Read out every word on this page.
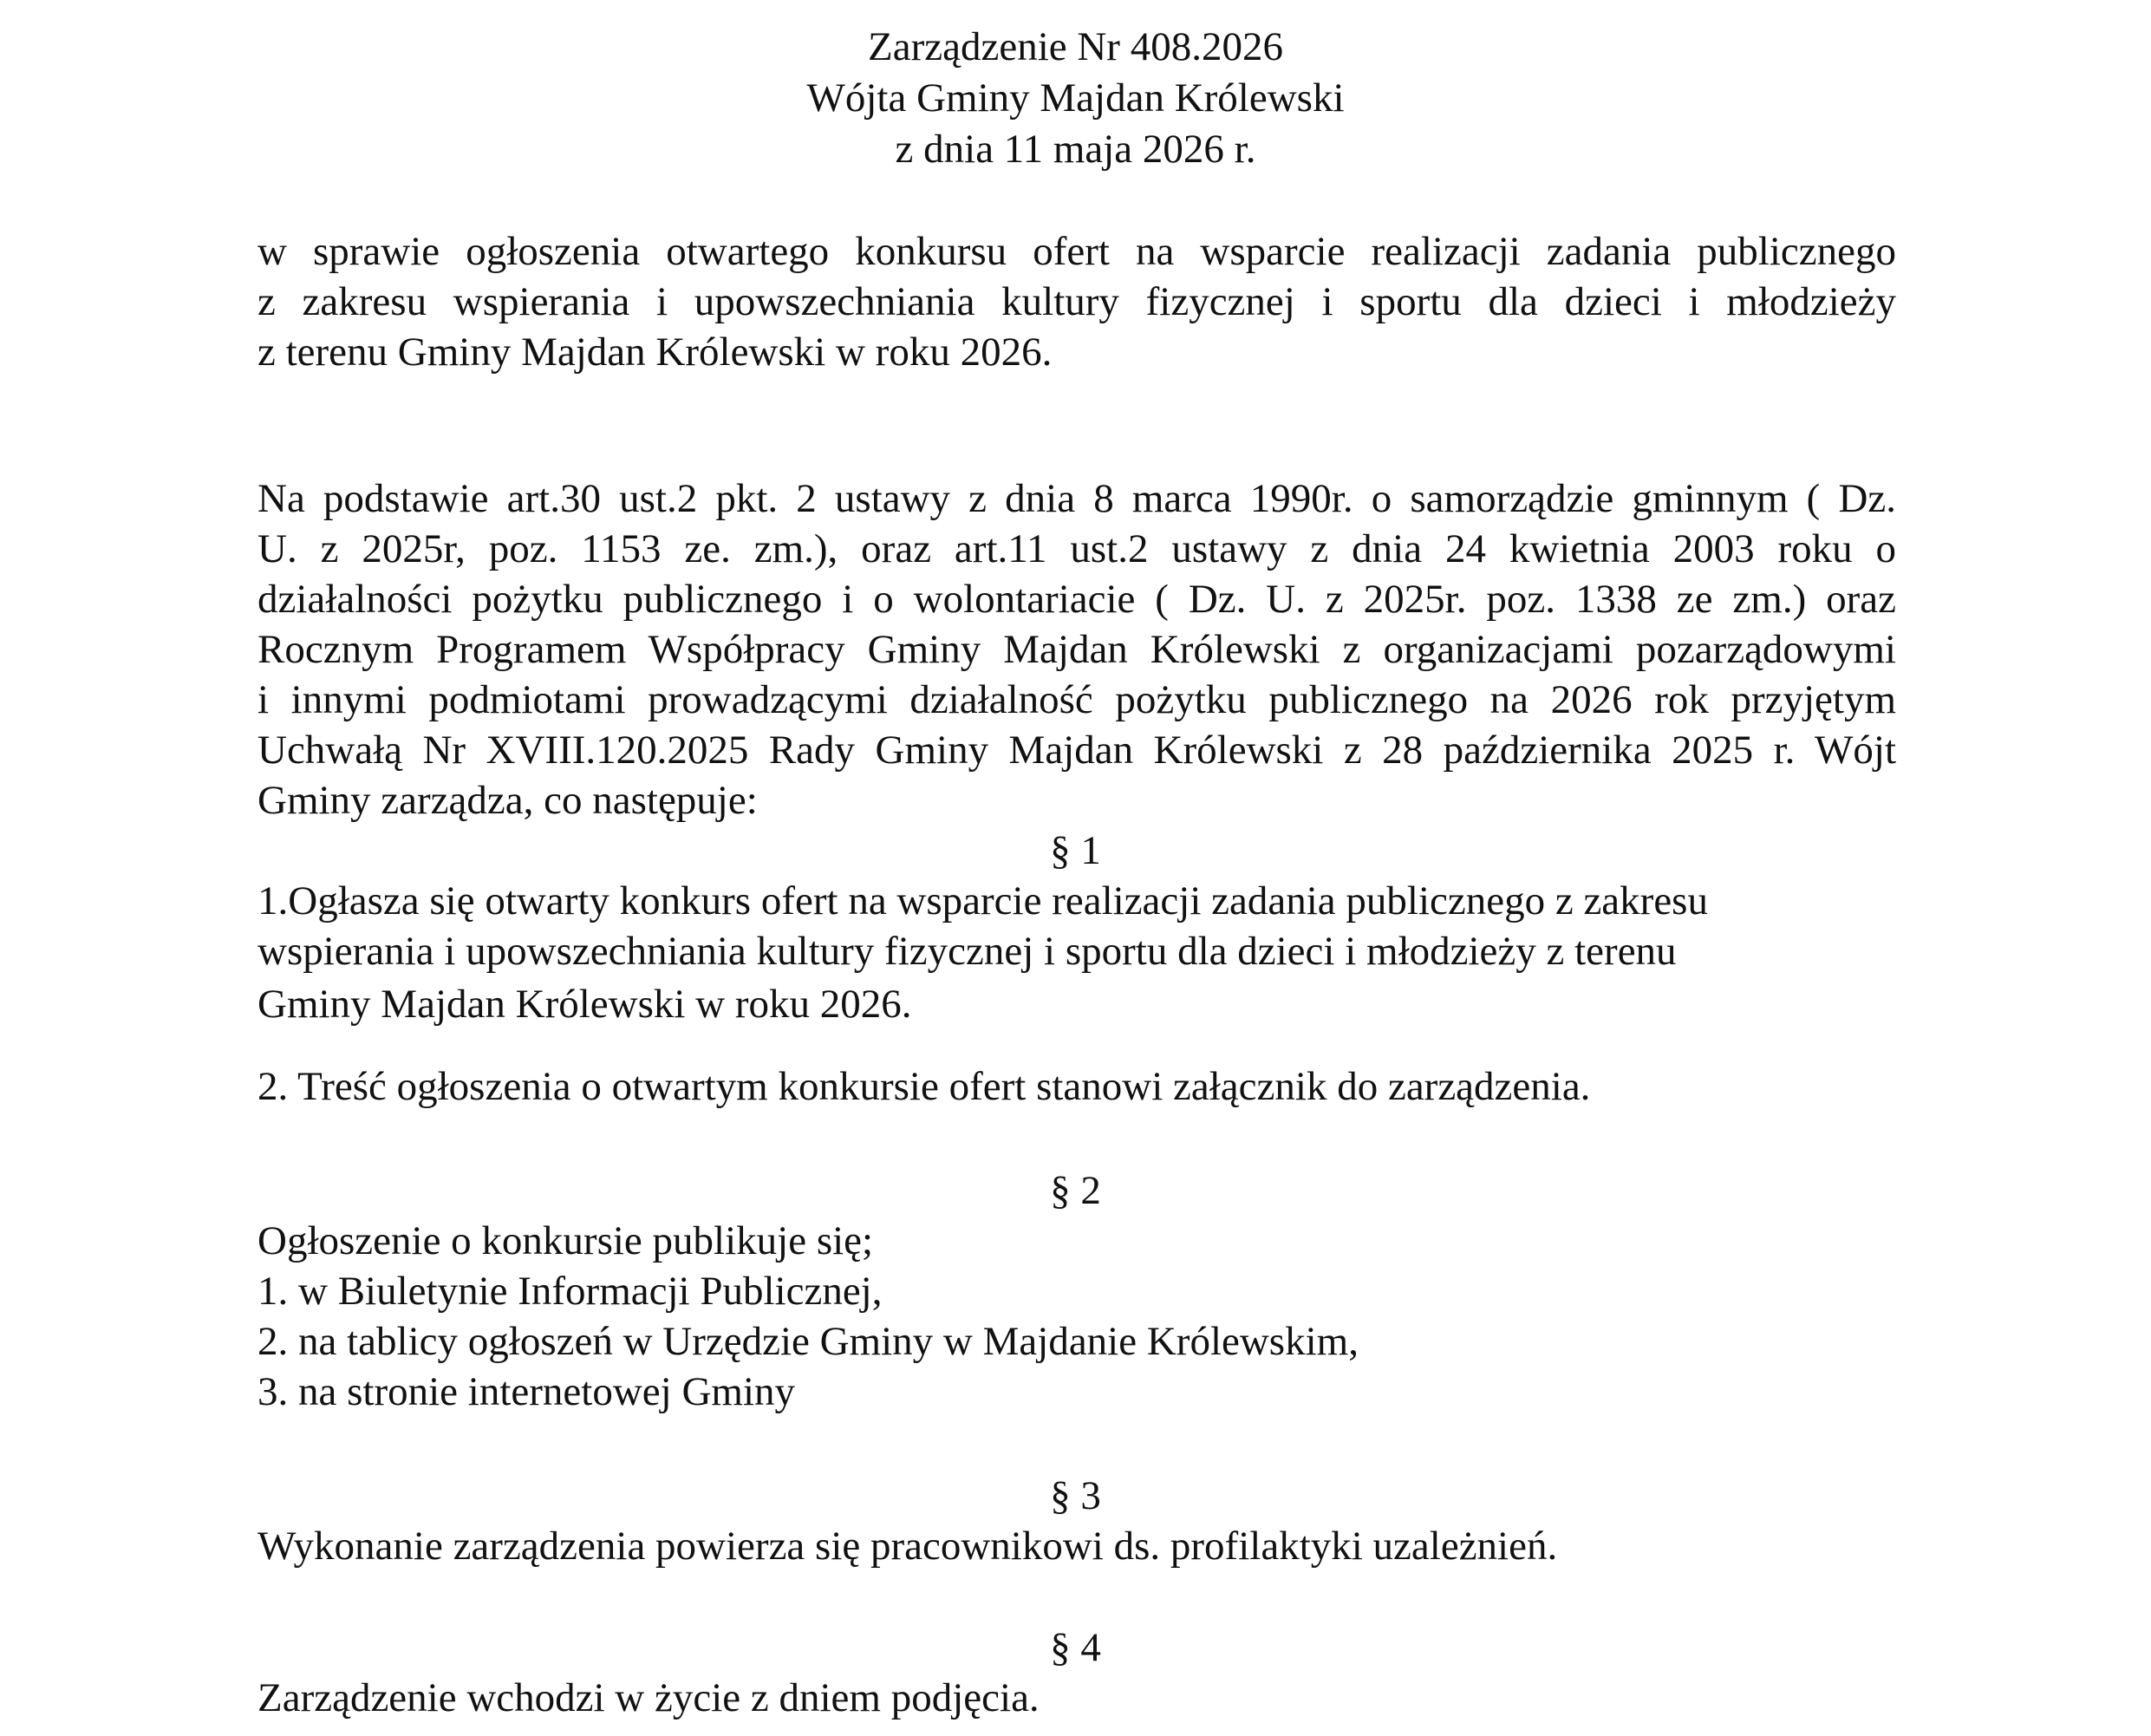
Zarządzenie Nr 408.2026
Wójta Gminy Majdan Królewski
z dnia 11 maja 2026 r.
w sprawie ogłoszenia otwartego konkursu ofert na wsparcie realizacji zadania publicznego
z zakresu wspierania i upowszechniania kultury fizycznej i sportu dla dzieci i młodzieży
z terenu Gminy Majdan Królewski w roku 2026.
Na podstawie art.30 ust.2 pkt. 2 ustawy z dnia 8 marca 1990r. o samorządzie gminnym ( Dz.
U. z 2025r, poz. 1153 ze. zm.), oraz art.11 ust.2 ustawy z dnia 24 kwietnia 2003 roku o
działalności pożytku publicznego i o wolontariacie ( Dz. U. z 2025r. poz. 1338 ze zm.) oraz
Rocznym Programem Współpracy Gminy Majdan Królewski z organizacjami pozarządowymi
i innymi podmiotami prowadzącymi działalność pożytku publicznego na 2026 rok przyjętym
Uchwałą Nr XVIII.120.2025 Rady Gminy Majdan Królewski z 28 października 2025 r. Wójt
Gminy zarządza, co następuje:
§ 1
1.Ogłasza się otwarty konkurs ofert na wsparcie realizacji zadania publicznego z zakresu
wspierania i upowszechniania kultury fizycznej i sportu dla dzieci i młodzieży z terenu
Gminy Majdan Królewski w roku 2026.
2. Treść ogłoszenia o otwartym konkursie ofert stanowi załącznik do zarządzenia.
§ 2
Ogłoszenie o konkursie publikuje się;
1. w Biuletynie Informacji Publicznej,
2. na tablicy ogłoszeń w Urzędzie Gminy w Majdanie Królewskim,
3. na stronie internetowej Gminy
§ 3
Wykonanie zarządzenia powierza się pracownikowi ds. profilaktyki uzależnień.
§ 4
Zarządzenie wchodzi w życie z dniem podjęcia.
